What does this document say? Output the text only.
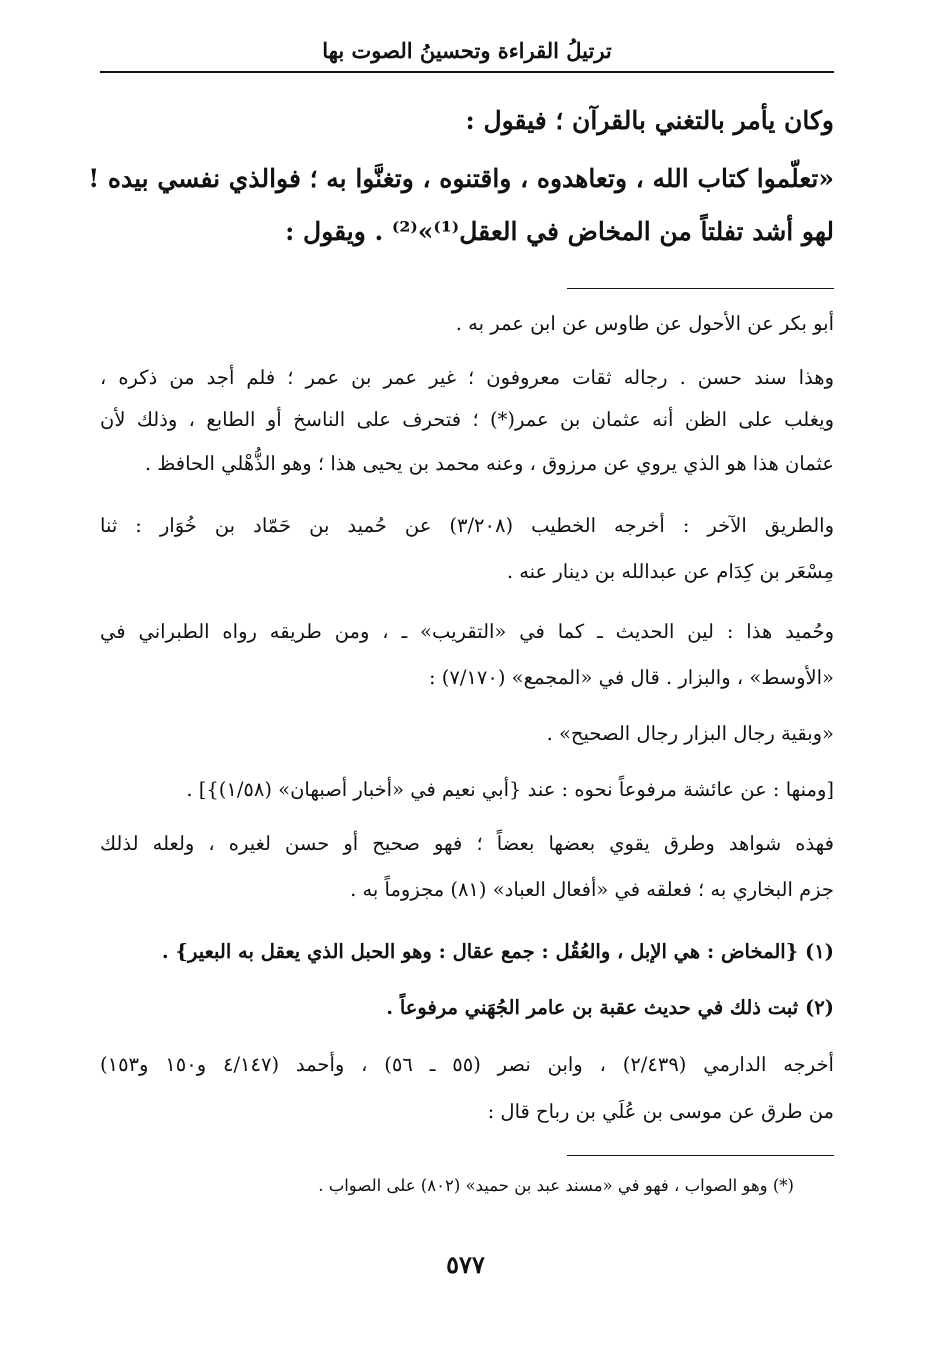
ترتيلُ القراءة وتحسينُ الصوت بها
وكان يأمر بالتغني بالقرآن ؛ فيقول :
«تعلّموا كتاب الله ، وتعاهدوه ، واقتنوه ، وتغنَّوا به ؛ فوالذي نفسي بيده !
لهو أشد تفلتاً من المخاض في العقل⁽¹⁾»⁽²⁾ . ويقول :
أبو بكر عن الأحول عن طاوس عن ابن عمر به .
وهذا سند حسن . رجاله ثقات معروفون ؛ غير عمر بن عمر ؛ فلم أجد من ذكره ،
ويغلب على الظن أنه عثمان بن عمر(*) ؛ فتحرف على الناسخ أو الطابع ، وذلك لأن
عثمان هذا هو الذي يروي عن مرزوق ، وعنه محمد بن يحيى هذا ؛ وهو الذُّهْلي الحافظ .
والطريق الآخر : أخرجه الخطيب (٣/٢٠٨) عن حُميد بن حَمّاد بن خُوَار : ثنا
مِسْعَر بن كِدَام عن عبدالله بن دينار عنه .
وحُميد هذا : لين الحديث ـ كما في «التقريب» ـ ، ومن طريقه رواه الطبراني في
«الأوسط» ، والبزار . قال في «المجمع» (٧/١٧٠) :
«وبقية رجال البزار رجال الصحيح» .
[ومنها : عن عائشة مرفوعاً نحوه : عند {أبي نعيم في «أخبار أصبهان» (١/٥٨)}] .
فهذه شواهد وطرق يقوي بعضها بعضاً ؛ فهو صحيح أو حسن لغيره ، ولعله لذلك
جزم البخاري به ؛ فعلقه في «أفعال العباد» (٨١) مجزوماً به .
(١) {المخاض : هي الإبل ، والعُقُل : جمع عقال : وهو الحبل الذي يعقل به البعير} .
(٢) ثبت ذلك في حديث عقبة بن عامر الجُهَني مرفوعاً .
أخرجه الدارمي (٢/٤٣٩) ، وابن نصر (٥٥ ـ ٥٦) ، وأحمد (٤/١٤٧ و١٥٠ و١٥٣)
من طرق عن موسى بن عُلَي بن رباح قال :
(*) وهو الصواب ، فهو في «مسند عبد بن حميد» (٨٠٢) على الصواب .
٥٧٧
